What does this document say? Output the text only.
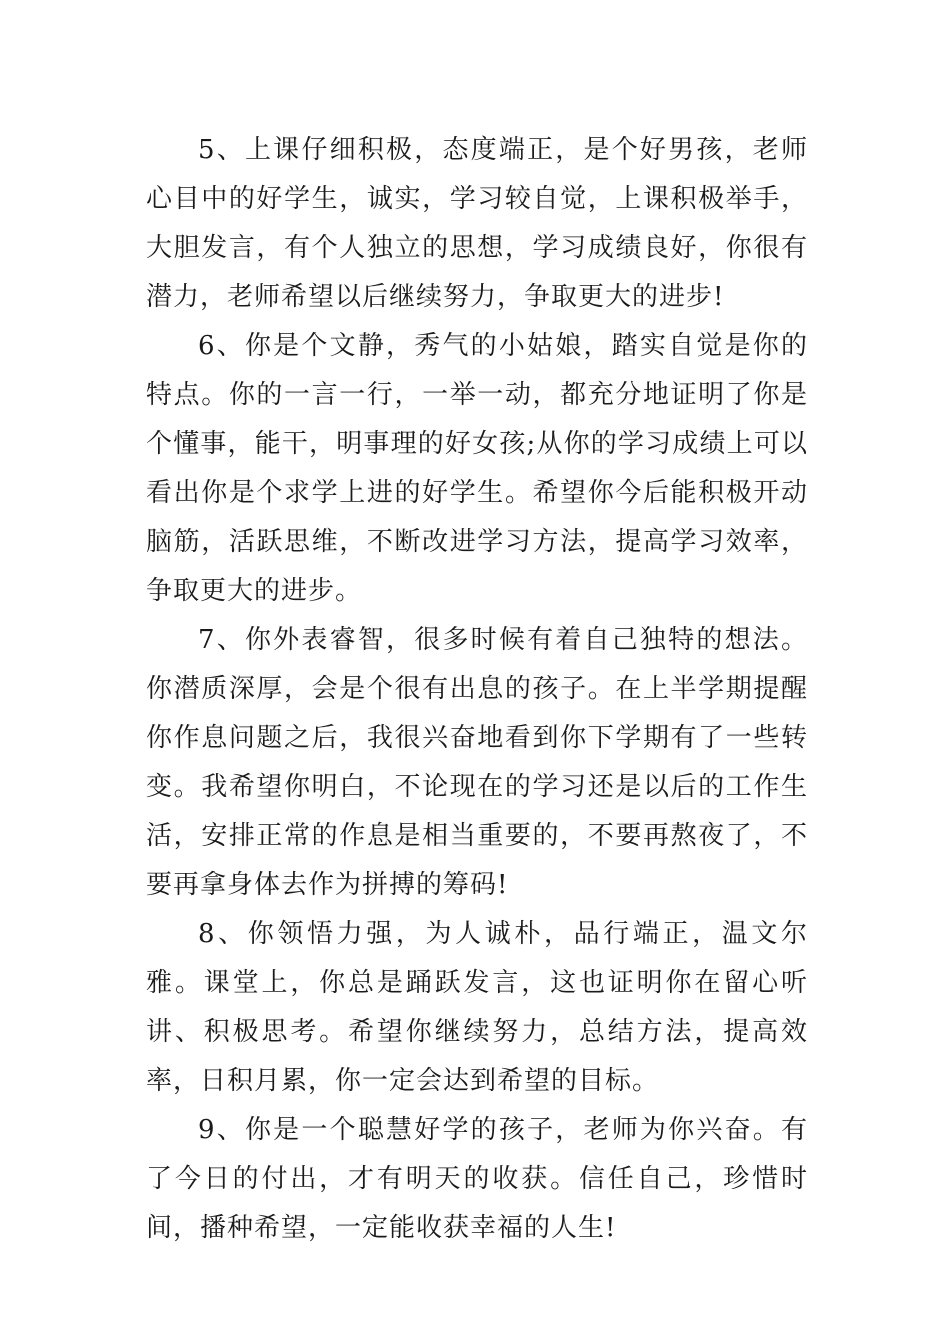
5、上课仔细积极，态度端正，是个好男孩，老师心目中的好学生，诚实，学习较自觉，上课积极举手，大胆发言，有个人独立的思想，学习成绩良好，你很有潜力，老师希望以后继续努力，争取更大的进步!

6、你是个文静，秀气的小姑娘，踏实自觉是你的特点。你的一言一行，一举一动，都充分地证明了你是个懂事，能干，明事理的好女孩;从你的学习成绩上可以看出你是个求学上进的好学生。希望你今后能积极开动脑筋，活跃思维，不断改进学习方法，提高学习效率，争取更大的进步。

7、你外表睿智，很多时候有着自己独特的想法。你潜质深厚，会是个很有出息的孩子。在上半学期提醒你作息问题之后，我很兴奋地看到你下学期有了一些转变。我希望你明白，不论现在的学习还是以后的工作生活，安排正常的作息是相当重要的，不要再熬夜了，不要再拿身体去作为拼搏的筹码!

8、你领悟力强，为人诚朴，品行端正，温文尔雅。课堂上，你总是踊跃发言，这也证明你在留心听讲、积极思考。希望你继续努力，总结方法，提高效率，日积月累，你一定会达到希望的目标。

9、你是一个聪慧好学的孩子，老师为你兴奋。有了今日的付出，才有明天的收获。信任自己，珍惜时间，播种希望，一定能收获幸福的人生!
